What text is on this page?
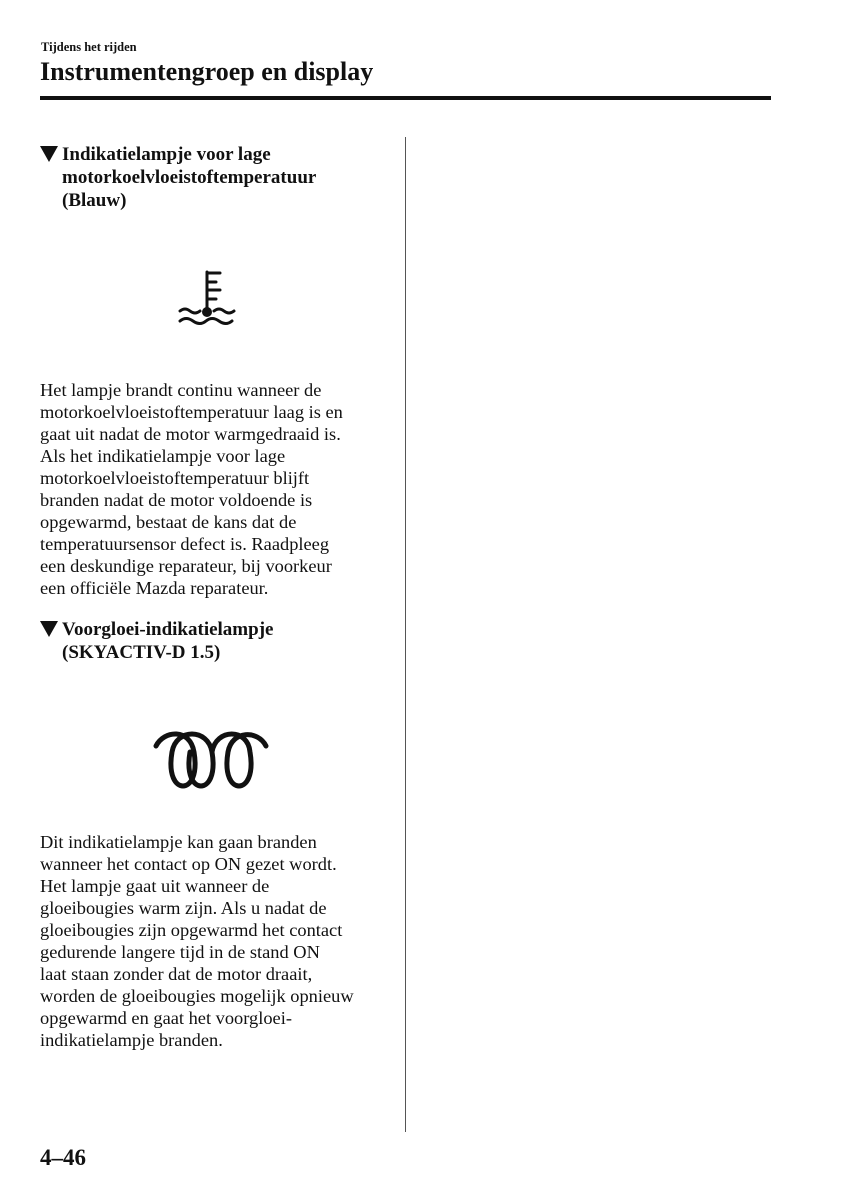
Tijdens het rijden
Instrumentengroep en display
Indikatielampje voor lage motorkoelvloeistoftemperatuur (Blauw)
Het lampje brandt continu wanneer de
motorkoelvloeistoftemperatuur laag is en
gaat uit nadat de motor warmgedraaid is.
Als het indikatielampje voor lage
motorkoelvloeistoftemperatuur blijft
branden nadat de motor voldoende is
opgewarmd, bestaat de kans dat de
temperatuursensor defect is. Raadpleeg
een deskundige reparateur, bij voorkeur
een officiële Mazda reparateur.
Voorgloei-indikatielampje (SKYACTIV-D 1.5)
Dit indikatielampje kan gaan branden
wanneer het contact op ON gezet wordt.
Het lampje gaat uit wanneer de
gloeibougies warm zijn. Als u nadat de
gloeibougies zijn opgewarmd het contact
gedurende langere tijd in de stand ON
laat staan zonder dat de motor draait,
worden de gloeibougies mogelijk opnieuw
opgewarmd en gaat het voorgloei-
indikatielampje branden.
4–46
